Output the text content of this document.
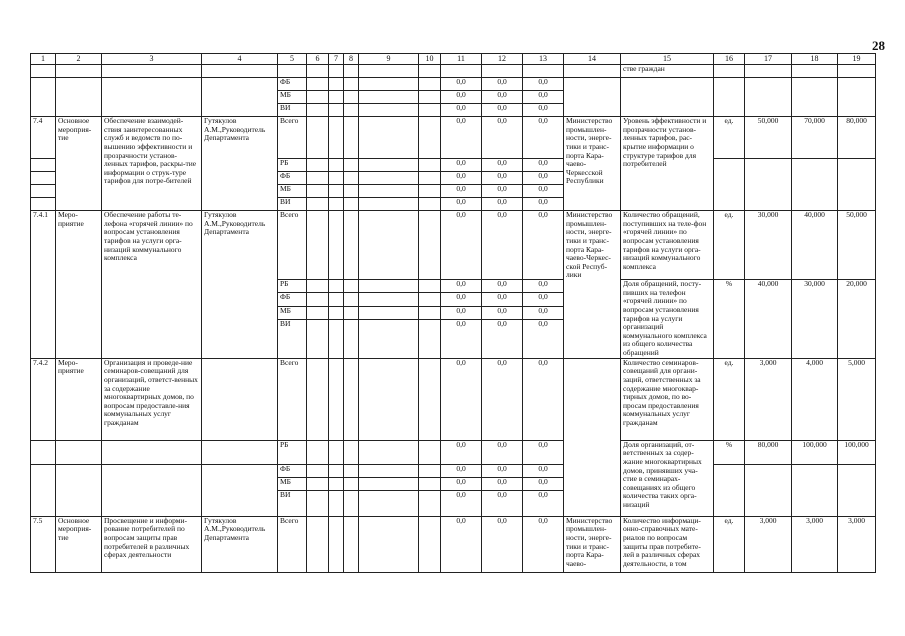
28
1	2	3	4	5	6	7	8	9	10	11	12	13	14	15	16	17	18	19
														стве граждан				
				ФБ						0,0	0,0	0,0						
				МБ						0,0	0,0	0,0						
				ВИ						0,0	0,0	0,0						
7.4	Основное мероприя-тие	Обеспечение взаимодей-ствия заинтересованных служб и ведомств по по-вышению эффективности и прозрачности установ-ленных тарифов, раскры-тие информации о струк-туре тарифов для потре-бителей	Гутякулов А.М.,Руководитель Департамента	Всего						0,0	0,0	0,0	Министерство промышлен-ности, энерге-тики и транс-порта Кара-чаево-Черкесской Республики	Уровень эффективности и прозрачности установ-ленных тарифов, рас-крытие информации о структуре тарифов для потребителей	ед.	50,000	70,000	80,000
				РБ						0,0	0,0	0,0						
				ФБ						0,0	0,0	0,0						
				МБ						0,0	0,0	0,0						
				ВИ						0,0	0,0	0,0						
7.4.1	Меро-приятие	Обеспечение работы те-лефона «горячей линии» по вопросам установления тарифов на услуги орга-низаций коммунального комплекса	Гутякулов А.М.,Руководитель Департамента	Всего						0,0	0,0	0,0	Министерство промышлен-ности, энерге-тики и транс-порта Кара-чаево-Черкес-ской Респуб-лики	Количество обращений, поступивших на теле-фон «горячей линии» по вопросам установления тарифов на услуги орга-низаций коммунального комплекса	ед.	30,000	40,000	50,000
				РБ						0,0	0,0	0,0		Доля обращений, посту-пивших на телефон «горячей линии» по вопросам установления тарифов на услуги организаций коммунального комплекса из общего количества обращений	%	40,000	30,000	20,000
				ФБ						0,0	0,0	0,0						
				МБ						0,0	0,0	0,0						
				ВИ						0,0	0,0	0,0						
7.4.2	Меро-приятие	Организация и проведе-ние семинаров-совещаний для организаций, ответст-венных за содержание многоквартирных домов, по вопросам предоставле-ния коммунальных услуг гражданам		Всего						0,0	0,0	0,0		Количество семинаров-совещаний для органи-заций, ответственных за содержание многоквар-тирных домов, по во-просам предоставления коммунальных услуг гражданам	ед.	3,000	4,000	5,000
				РБ						0,0	0,0	0,0		Доля организаций, от-ветственных за содер-жание многоквартирных домов, принявших уча-стие в семинарах-совещаниях из общего количества таких орга-низаций	%	80,000	100,000	100,000
				ФБ						0,0	0,0	0,0						
				МБ						0,0	0,0	0,0						
				ВИ						0,0	0,0	0,0						
7.5	Основное мероприя-тие	Просвещение и информи-рование потребителей по вопросам защиты прав потребителей в различных сферах деятельности	Гутякулов А.М.,Руководитель Департамента	Всего						0,0	0,0	0,0	Министерство промышлен-ности, энерге-тики и транс-порта Кара-чаево-	Количество информаци-онно-справочных мате-риалов по вопросам защиты прав потребите-лей в различных сферах деятельности, в том	ед.	3,000	3,000	3,000
